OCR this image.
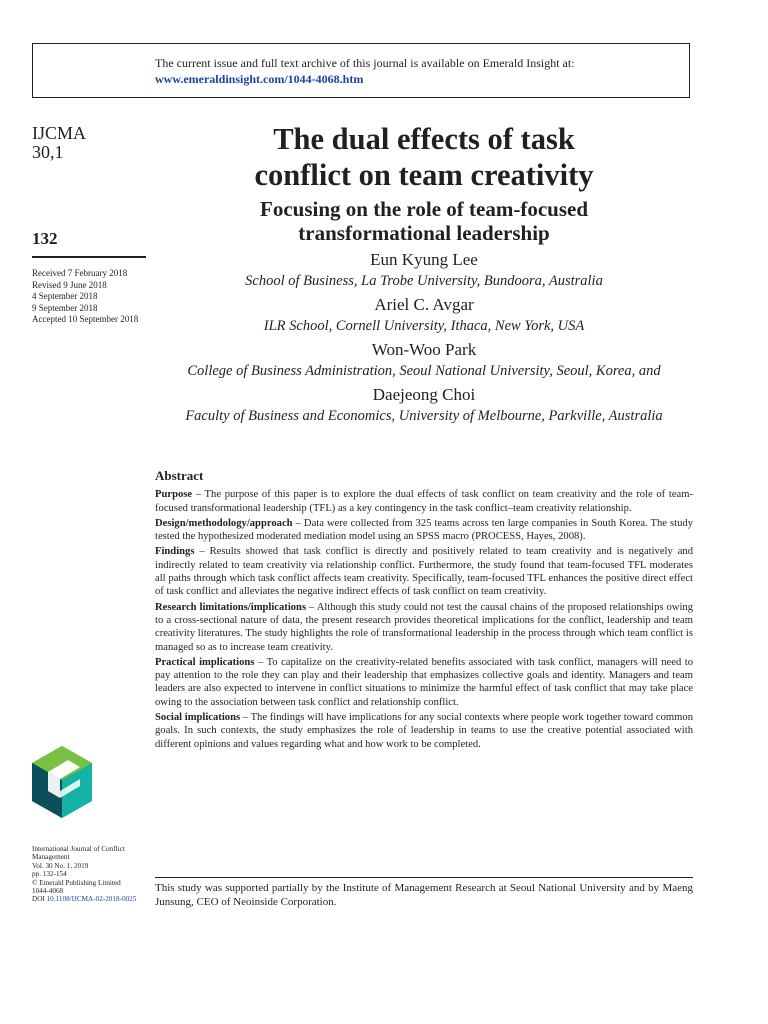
The current issue and full text archive of this journal is available on Emerald Insight at:
www.emeraldinsight.com/1044-4068.htm
IJCMA
30,1
132
Received 7 February 2018
Revised 9 June 2018
4 September 2018
9 September 2018
Accepted 10 September 2018
The dual effects of task
conflict on team creativity
Focusing on the role of team-focused
transformational leadership
Eun Kyung Lee
School of Business, La Trobe University, Bundoora, Australia
Ariel C. Avgar
ILR School, Cornell University, Ithaca, New York, USA
Won-Woo Park
College of Business Administration, Seoul National University, Seoul, Korea, and
Daejeong Choi
Faculty of Business and Economics, University of Melbourne, Parkville, Australia
Abstract

Purpose – The purpose of this paper is to explore the dual effects of task conflict on team creativity and the role of team-focused transformational leadership (TFL) as a key contingency in the task conflict–team creativity relationship.

Design/methodology/approach – Data were collected from 325 teams across ten large companies in South Korea. The study tested the hypothesized moderated mediation model using an SPSS macro (PROCESS, Hayes, 2008).

Findings – Results showed that task conflict is directly and positively related to team creativity and is negatively and indirectly related to team creativity via relationship conflict. Furthermore, the study found that team-focused TFL moderates all paths through which task conflict affects team creativity. Specifically, team-focused TFL enhances the positive direct effect of task conflict and alleviates the negative indirect effects of task conflict on team creativity.

Research limitations/implications – Although this study could not test the causal chains of the proposed relationships owing to a cross-sectional nature of data, the present research provides theoretical implications for the conflict, leadership and team creativity literatures. The study highlights the role of transformational leadership in the process through which team conflict is managed so as to increase team creativity.

Practical implications – To capitalize on the creativity-related benefits associated with task conflict, managers will need to pay attention to the role they can play and their leadership that emphasizes collective goals and identity. Managers and team leaders are also expected to intervene in conflict situations to minimize the harmful effect of task conflict that may take place owing to the association between task conflict and relationship conflict.

Social implications – The findings will have implications for any social contexts where people work together toward common goals. In such contexts, the study emphasizes the role of leadership in teams to use the creative potential associated with different opinions and values regarding what and how work to be completed.

International Journal of Conflict
Management
Vol. 30 No. 1, 2019
pp. 132-154
© Emerald Publishing Limited
1044-4068
DOI 10.1108/IJCMA-02-2018-0025
This study was supported partially by the Institute of Management Research at Seoul National University and by Maeng Junsung, CEO of Neoinside Corporation.
